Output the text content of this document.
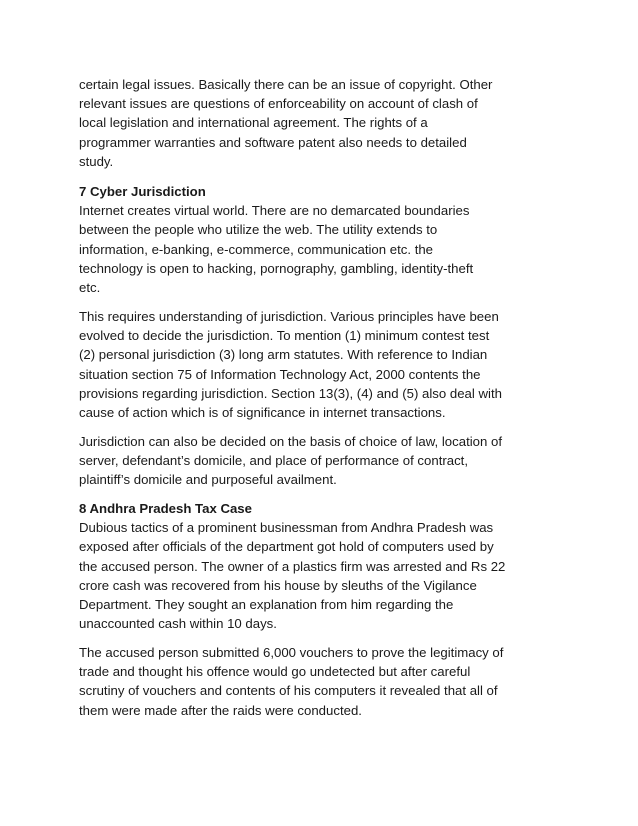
certain legal issues. Basically there can be an issue of copyright. Other
relevant issues are questions of enforceability on account of clash of
local legislation and international agreement. The rights of a
programmer warranties and software patent also needs to detailed
study.
7 Cyber Jurisdiction
Internet creates virtual world. There are no demarcated boundaries
between the people who utilize the web. The utility extends to
information, e-banking, e-commerce, communication etc. the
technology is open to hacking, pornography, gambling, identity-theft
etc.
This requires understanding of jurisdiction. Various principles have been
evolved to decide the jurisdiction. To mention (1) minimum contest test
(2) personal jurisdiction (3) long arm statutes. With reference to Indian
situation section 75 of Information Technology Act, 2000 contents the
provisions regarding jurisdiction. Section 13(3), (4) and (5) also deal with
cause of action which is of significance in internet transactions.
Jurisdiction can also be decided on the basis of choice of law, location of
server, defendant’s domicile, and place of performance of contract,
plaintiff’s domicile and purposeful availment.
8 Andhra Pradesh Tax Case
Dubious tactics of a prominent businessman from Andhra Pradesh was
exposed after officials of the department got hold of computers used by
the accused person. The owner of a plastics firm was arrested and Rs 22
crore cash was recovered from his house by sleuths of the Vigilance
Department. They sought an explanation from him regarding the
unaccounted cash within 10 days.
The accused person submitted 6,000 vouchers to prove the legitimacy of
trade and thought his offence would go undetected but after careful
scrutiny of vouchers and contents of his computers it revealed that all of
them were made after the raids were conducted.
